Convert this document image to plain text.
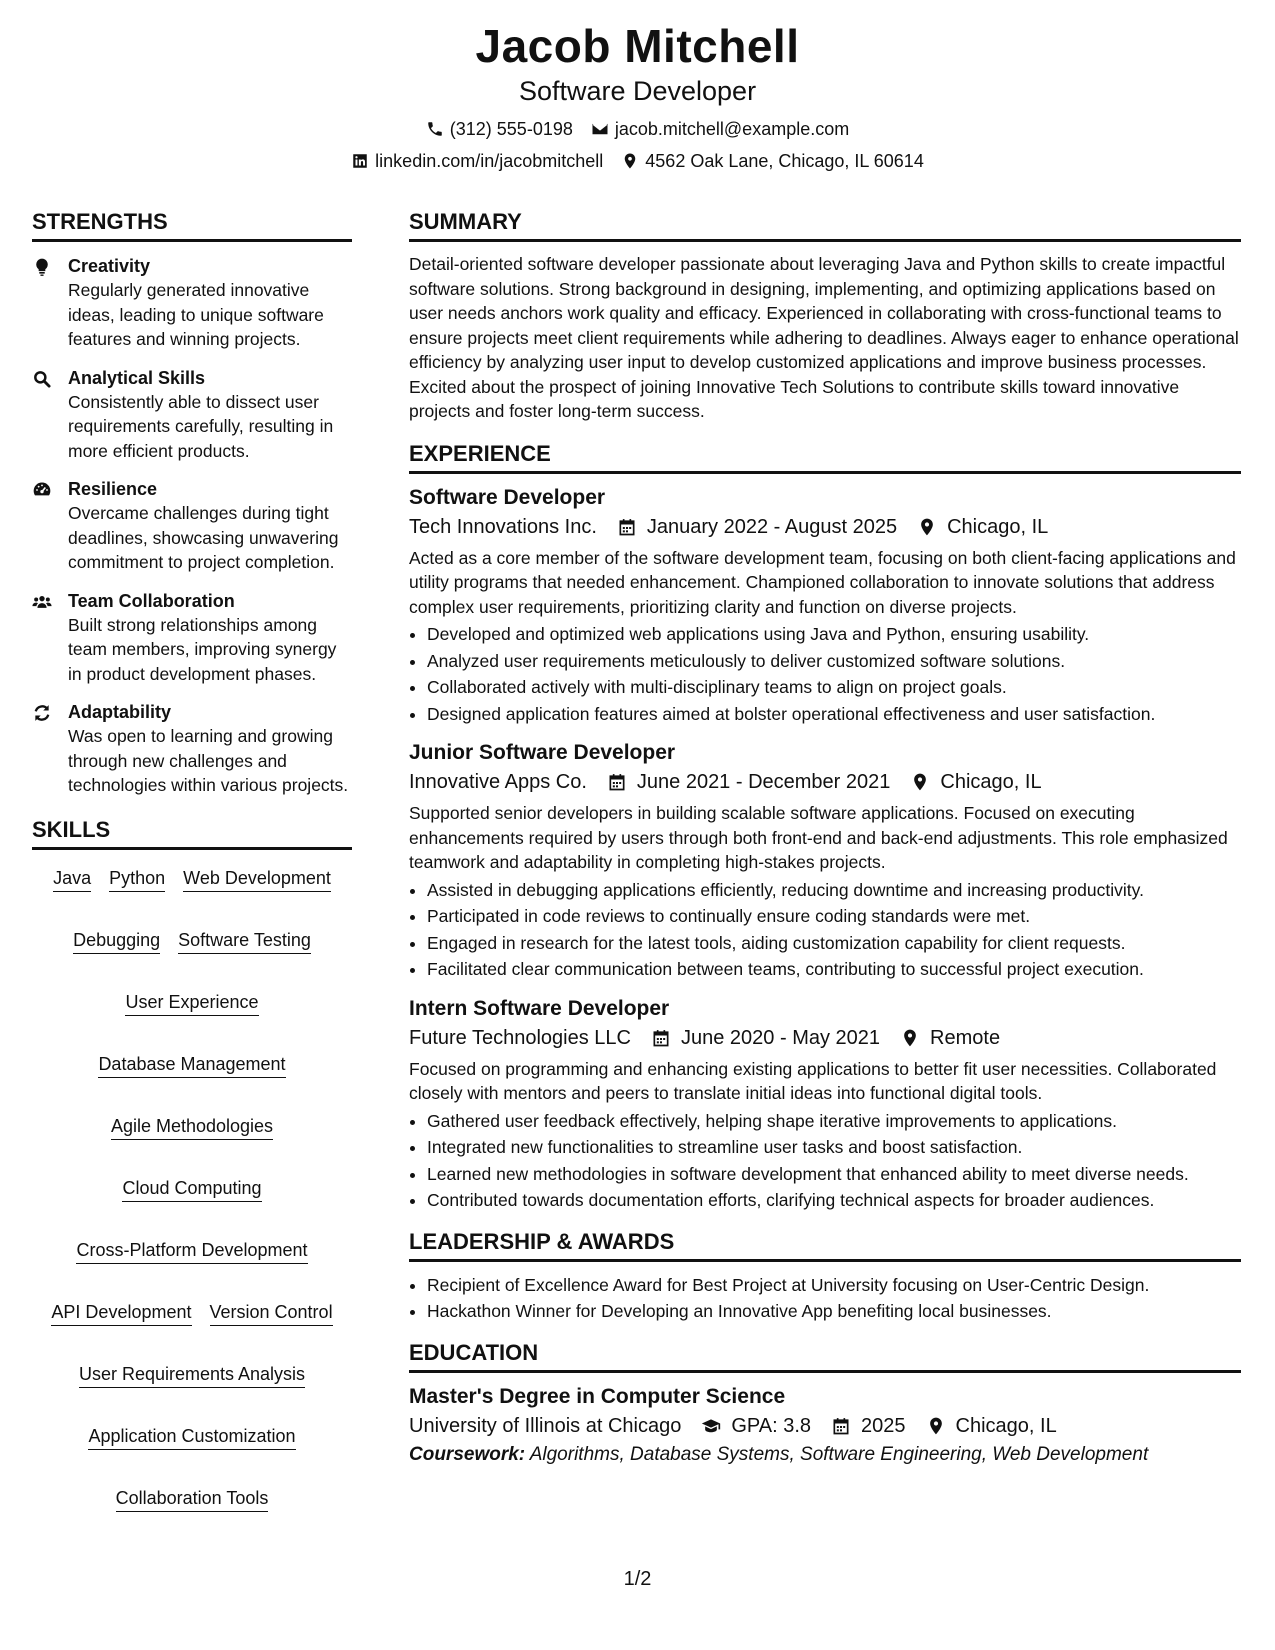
Jacob Mitchell
Software Developer
(312) 555-0198 jacob.mitchell@example.com
linkedin.com/in/jacobmitchell 4562 Oak Lane, Chicago, IL 60614
STRENGTHS
Creativity
Regularly generated innovative ideas, leading to unique software features and winning projects.
Analytical Skills
Consistently able to dissect user requirements carefully, resulting in more efficient products.
Resilience
Overcame challenges during tight deadlines, showcasing unwavering commitment to project completion.
Team Collaboration
Built strong relationships among team members, improving synergy in product development phases.
Adaptability
Was open to learning and growing through new challenges and technologies within various projects.
SKILLS
Java Python Web Development
Debugging Software Testing
User Experience
Database Management
Agile Methodologies
Cloud Computing
Cross-Platform Development
API Development Version Control
User Requirements Analysis
Application Customization
Collaboration Tools
SUMMARY
Detail-oriented software developer passionate about leveraging Java and Python skills to create impactful software solutions. Strong background in designing, implementing, and optimizing applications based on user needs anchors work quality and efficacy. Experienced in collaborating with cross-functional teams to ensure projects meet client requirements while adhering to deadlines. Always eager to enhance operational efficiency by analyzing user input to develop customized applications and improve business processes. Excited about the prospect of joining Innovative Tech Solutions to contribute skills toward innovative projects and foster long-term success.
EXPERIENCE
Software Developer
Tech Innovations Inc.	January 2022 - August 2025	Chicago, IL
Acted as a core member of the software development team, focusing on both client-facing applications and utility programs that needed enhancement. Championed collaboration to innovate solutions that address complex user requirements, prioritizing clarity and function on diverse projects.
• Developed and optimized web applications using Java and Python, ensuring usability.
• Analyzed user requirements meticulously to deliver customized software solutions.
• Collaborated actively with multi-disciplinary teams to align on project goals.
• Designed application features aimed at bolster operational effectiveness and user satisfaction.
Junior Software Developer
Innovative Apps Co.	June 2021 - December 2021	Chicago, IL
Supported senior developers in building scalable software applications. Focused on executing enhancements required by users through both front-end and back-end adjustments. This role emphasized teamwork and adaptability in completing high-stakes projects.
• Assisted in debugging applications efficiently, reducing downtime and increasing productivity.
• Participated in code reviews to continually ensure coding standards were met.
• Engaged in research for the latest tools, aiding customization capability for client requests.
• Facilitated clear communication between teams, contributing to successful project execution.
Intern Software Developer
Future Technologies LLC	June 2020 - May 2021	Remote
Focused on programming and enhancing existing applications to better fit user necessities. Collaborated closely with mentors and peers to translate initial ideas into functional digital tools.
• Gathered user feedback effectively, helping shape iterative improvements to applications.
• Integrated new functionalities to streamline user tasks and boost satisfaction.
• Learned new methodologies in software development that enhanced ability to meet diverse needs.
• Contributed towards documentation efforts, clarifying technical aspects for broader audiences.
LEADERSHIP & AWARDS
• Recipient of Excellence Award for Best Project at University focusing on User-Centric Design.
• Hackathon Winner for Developing an Innovative App benefiting local businesses.
EDUCATION
Master's Degree in Computer Science
University of Illinois at Chicago	GPA: 3.8	2025	Chicago, IL
Coursework: Algorithms, Database Systems, Software Engineering, Web Development
1/2
